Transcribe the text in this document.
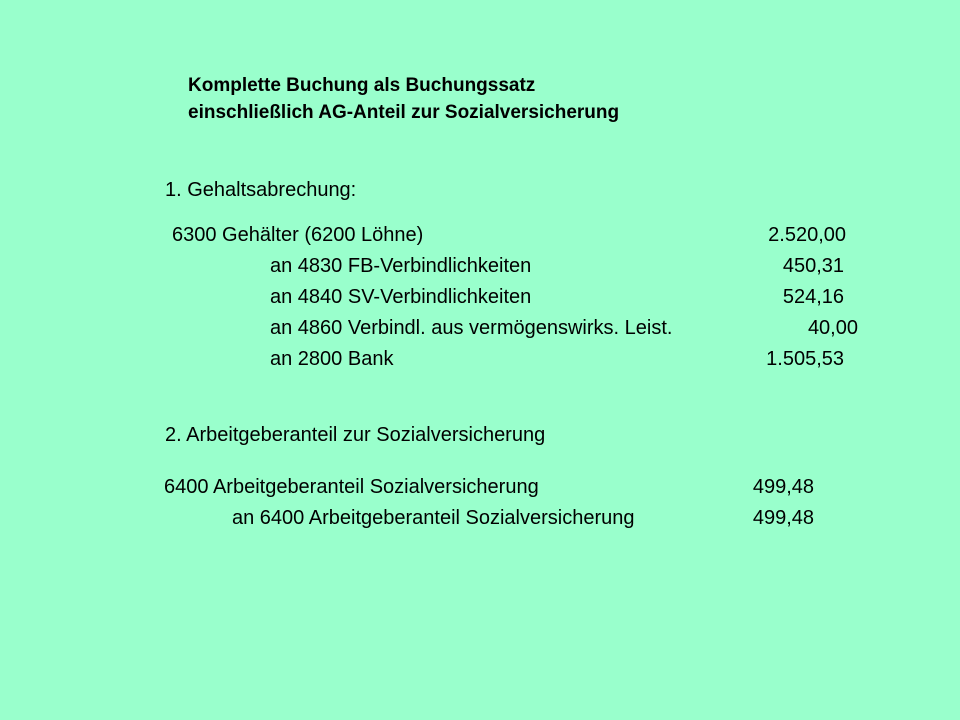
Komplette Buchung als Buchungssatz
einschließlich AG-Anteil zur Sozialversicherung
1. Gehaltsabrechung:
6300 Gehälter (6200 Löhne)	2.520,00
an 4830 FB-Verbindlichkeiten	450,31
an 4840 SV-Verbindlichkeiten	524,16
an 4860 Verbindl. aus vermögenswirks. Leist.	40,00
an 2800 Bank	1.505,53
2. Arbeitgeberanteil zur Sozialversicherung
6400 Arbeitgeberanteil Sozialversicherung	499,48
an 6400 Arbeitgeberanteil Sozialversicherung	499,48
